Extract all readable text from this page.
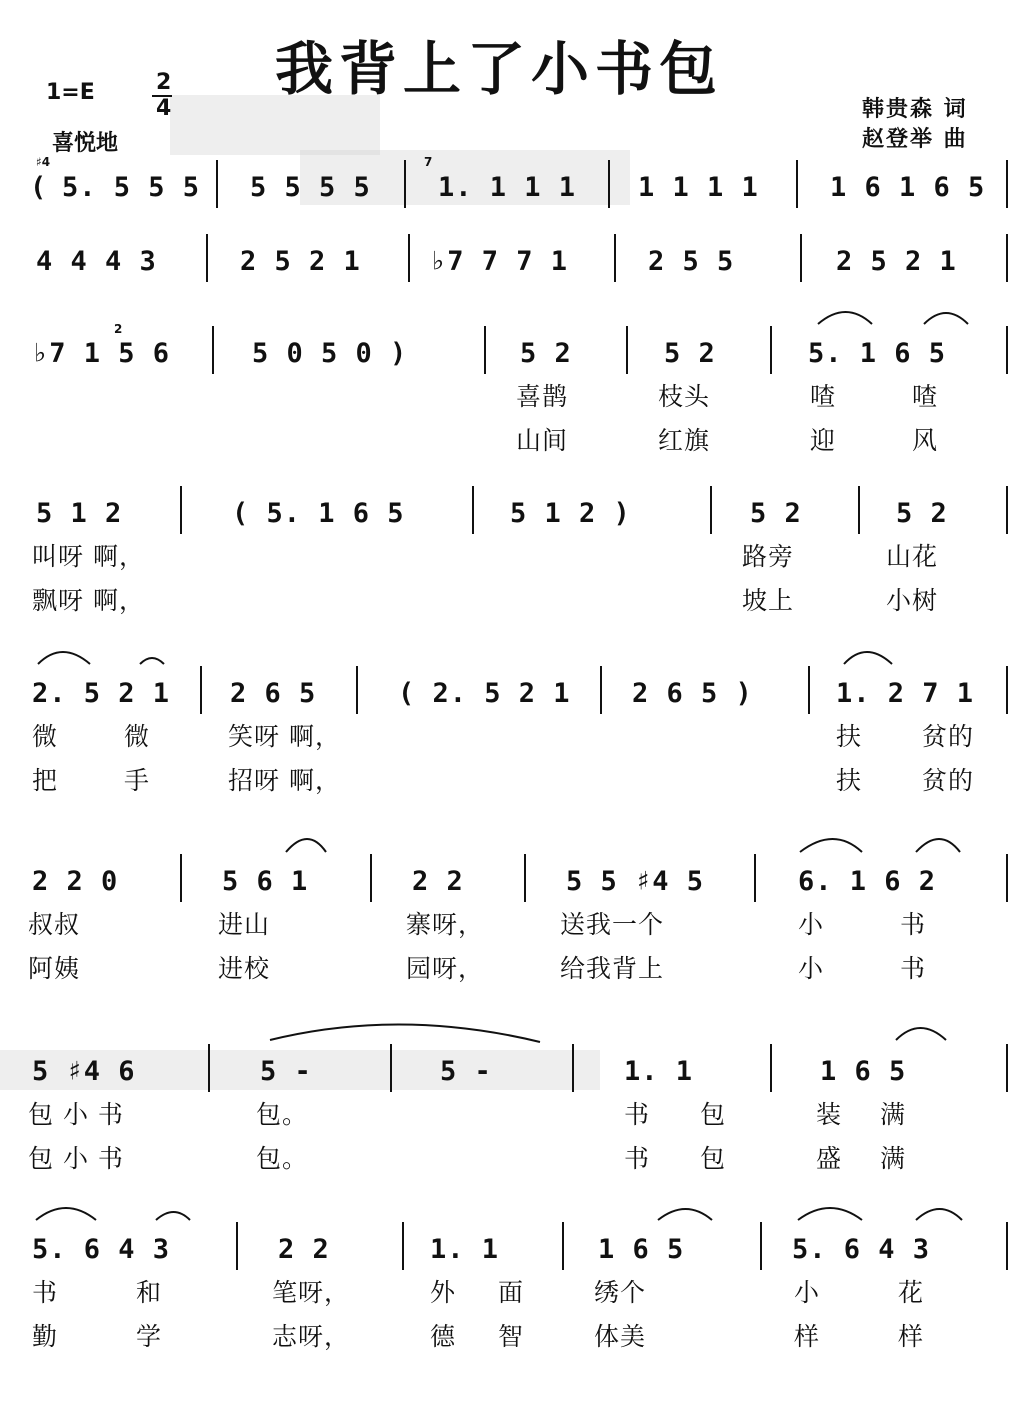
我背上了小书包
1=E	2
4
喜悦地
韩贵森 词
赵登举 曲
♯4	7
2
( 5. 5 5 5 5 5 5 5 1. 1 1 1 1 1 1 1	1 6 1 6 5
4 4 4 3	2 5 2 1	♭7 7 7 1	2 5 5	2 5 2 1
♭7 1 5 6	5 0 5 0 )	5 2	5 2	5. 1 6 5
喜鹊	枝头	喳	喳
山间	红旗	迎	风
5 1 2	( 5. 1 6 5	5 1 2 )	5 2	5 2
叫呀 啊，	路旁	山花
飘呀 啊，	坡上	小树
2. 5 2 1 2 6 5	( 2. 5 2 1 2 6 5 )	1. 2 7 1
微	微	笑呀 啊，	扶 贫的
把	手	招呀 啊，	扶 贫的
2 2 0	5 6 1	2 2	5 5 ♯4 5	6. 1 6 2
叔叔	进山	寨呀，	送我一个	小	书
阿姨	进校	园呀，	给我背上	小	书
5 ♯4 6	5 -	5 -	1. 1	1 6 5
包 小 书	包。	书 包	装 满
包 小 书	包。	书 包	盛 满
5. 6 4 3	2 2	1. 1	1 6 5	5. 6 4 3
书	和	笔呀，	外 面	绣个	小	花
勤	学	志呀，	德 智	体美	样	样
